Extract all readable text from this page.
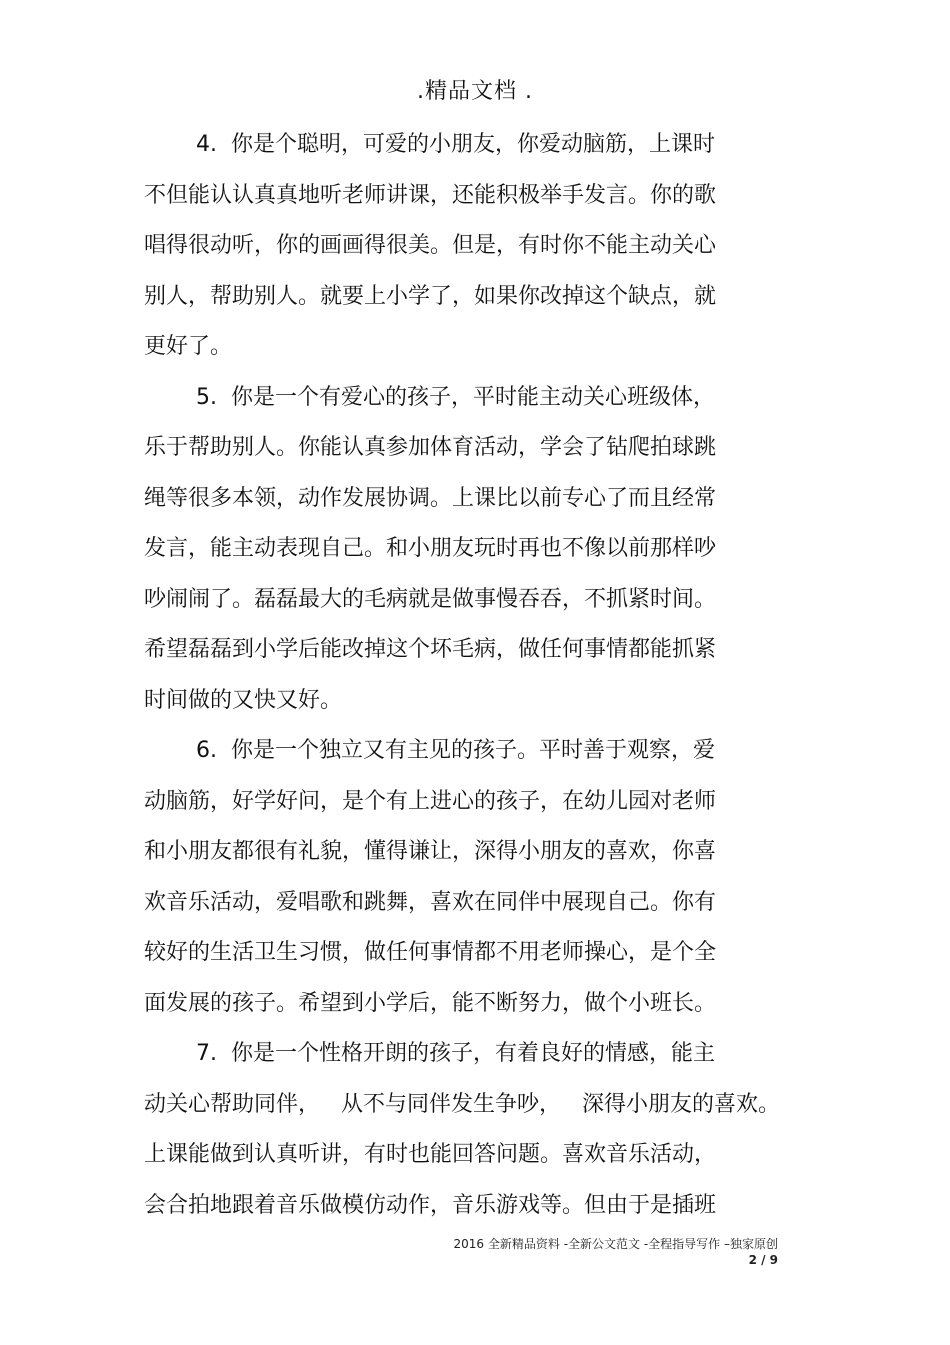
.精品文档 .
4.  你是个聪明，可爱的小朋友，你爱动脑筋，上课时
不但能认认真真地听老师讲课，还能积极举手发言。你的歌
唱得很动听，你的画画得很美。但是，有时你不能主动关心
别人，帮助别人。就要上小学了，如果你改掉这个缺点，就
更好了。
5.  你是一个有爱心的孩子，平时能主动关心班级体，
乐于帮助别人。你能认真参加体育活动，学会了钻爬拍球跳
绳等很多本领，动作发展协调。上课比以前专心了而且经常
发言，能主动表现自己。和小朋友玩时再也不像以前那样吵
吵闹闹了。磊磊最大的毛病就是做事慢吞吞，不抓紧时间。
希望磊磊到小学后能改掉这个坏毛病，做任何事情都能抓紧
时间做的又快又好。
6.  你是一个独立又有主见的孩子。平时善于观察，爱
动脑筋，好学好问，是个有上进心的孩子，在幼儿园对老师
和小朋友都很有礼貌，懂得谦让，深得小朋友的喜欢，你喜
欢音乐活动，爱唱歌和跳舞，喜欢在同伴中展现自己。你有
较好的生活卫生习惯，做任何事情都不用老师操心，是个全
面发展的孩子。希望到小学后，能不断努力，做个小班长。
7.  你是一个性格开朗的孩子，有着良好的情感，能主
动关心帮助同伴，   从不与同伴发生争吵，   深得小朋友的喜欢。
上课能做到认真听讲，有时也能回答问题。喜欢音乐活动，
会合拍地跟着音乐做模仿动作，音乐游戏等。但由于是插班
2016 全新精品资料 -全新公文范文 -全程指导写作 –独家原创
2 / 9
